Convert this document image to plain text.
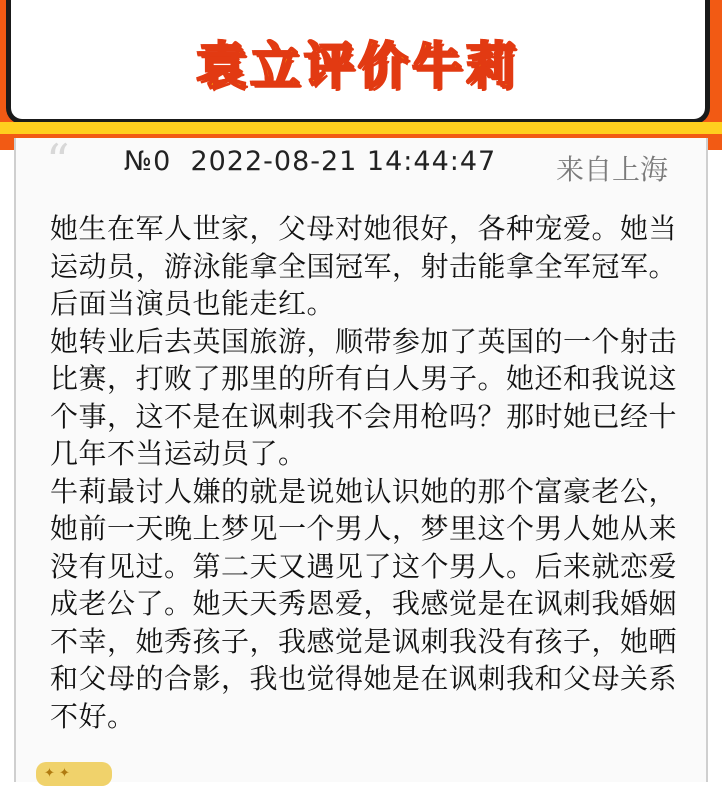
袁立评价牛莉
“ №0 2022-08-21 14:44:47 来自上海

她生在军人世家，父母对她很好，各种宠爱。她当运动员，游泳能拿全国冠军，射击能拿全军冠军。后面当演员也能走红。

她转业后去英国旅游，顺带参加了英国的一个射击比赛，打败了那里的所有白人男子。她还和我说这个事，这不是在讽刺我不会用枪吗？那时她已经十几年不当运动员了。

牛莉最讨人嫌的就是说她认识她的那个富豪老公，她前一天晚上梦见一个男人，梦里这个男人她从来没有见过。第二天又遇见了这个男人。后来就恋爱成老公了。她天天秀恩爱，我感觉是在讽刺我婚姻不幸，她秀孩子，我感觉是讽刺我没有孩子，她晒和父母的合影，我也觉得她是在讽刺我和父母关系不好。

✦ ✦
